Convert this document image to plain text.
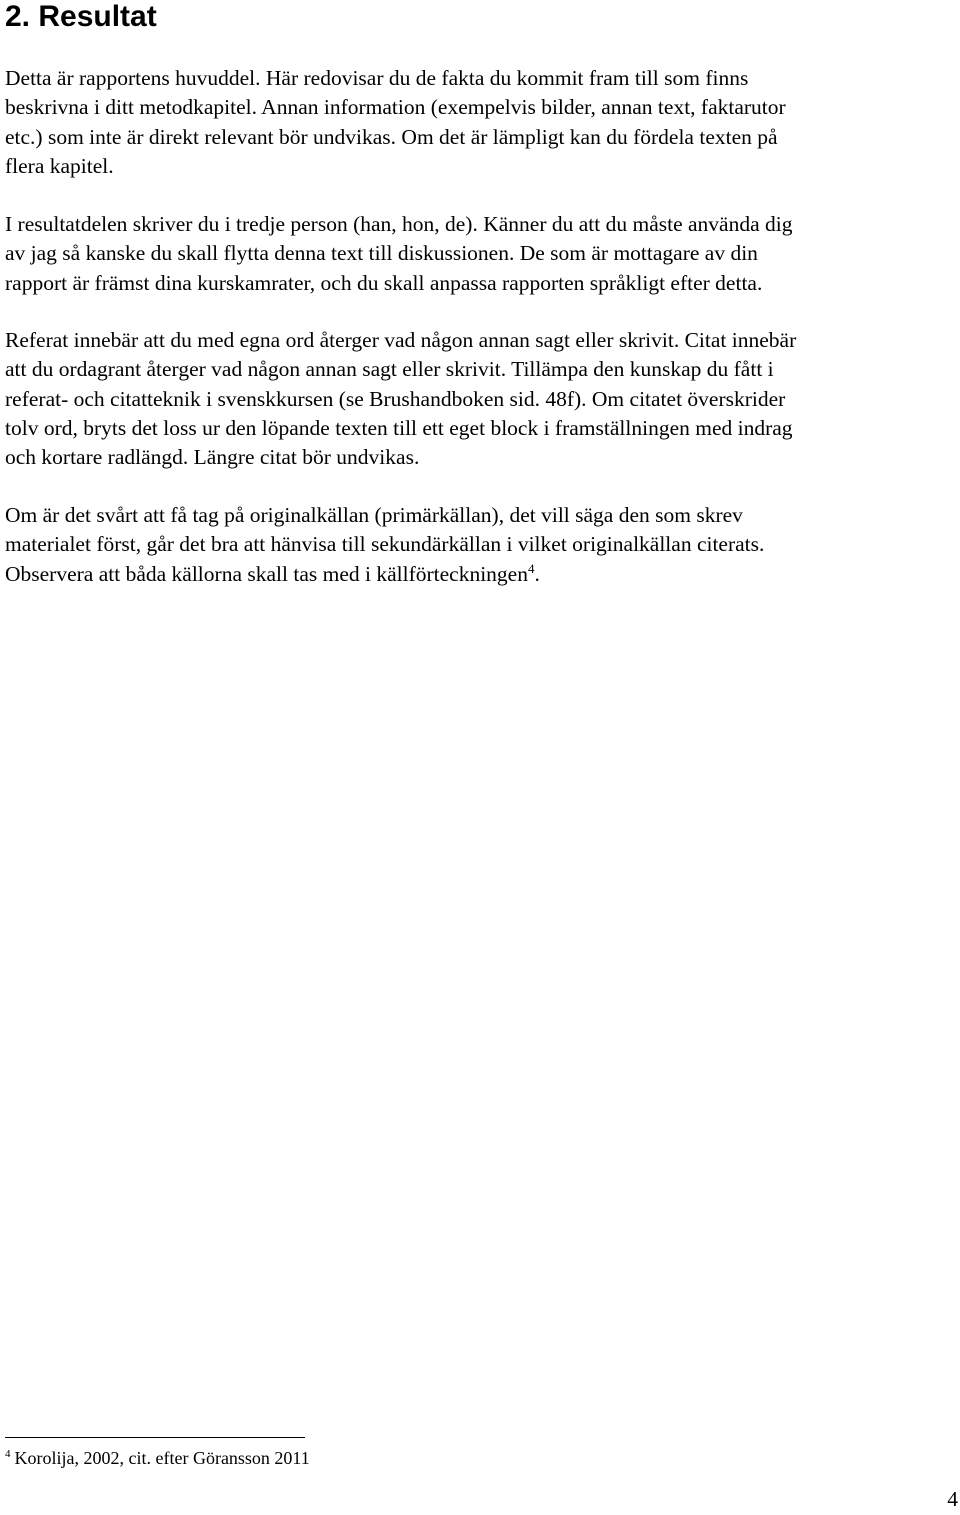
2. Resultat

Detta är rapportens huvuddel. Här redovisar du de fakta du kommit fram till som finns
beskrivna i ditt metodkapitel. Annan information (exempelvis bilder, annan text, faktarutor
etc.) som inte är direkt relevant bör undvikas. Om det är lämpligt kan du fördela texten på
flera kapitel.

I resultatdelen skriver du i tredje person (han, hon, de). Känner du att du måste använda dig
av jag så kanske du skall flytta denna text till diskussionen. De som är mottagare av din
rapport är främst dina kurskamrater, och du skall anpassa rapporten språkligt efter detta.

Referat innebär att du med egna ord återger vad någon annan sagt eller skrivit. Citat innebär
att du ordagrant återger vad någon annan sagt eller skrivit. Tillämpa den kunskap du fått i
referat- och citatteknik i svenskkursen (se Brushandboken sid. 48f). Om citatet överskrider
tolv ord, bryts det loss ur den löpande texten till ett eget block i framställningen med indrag
och kortare radlängd. Längre citat bör undvikas.

Om är det svårt att få tag på originalkällan (primärkällan), det vill säga den som skrev
materialet först, går det bra att hänvisa till sekundärkällan i vilket originalkällan citerats.
Observera att båda källorna skall tas med i källförteckningen$^4$.

$^4$ Korolija, 2002, cit. efter Göransson 2011
4
